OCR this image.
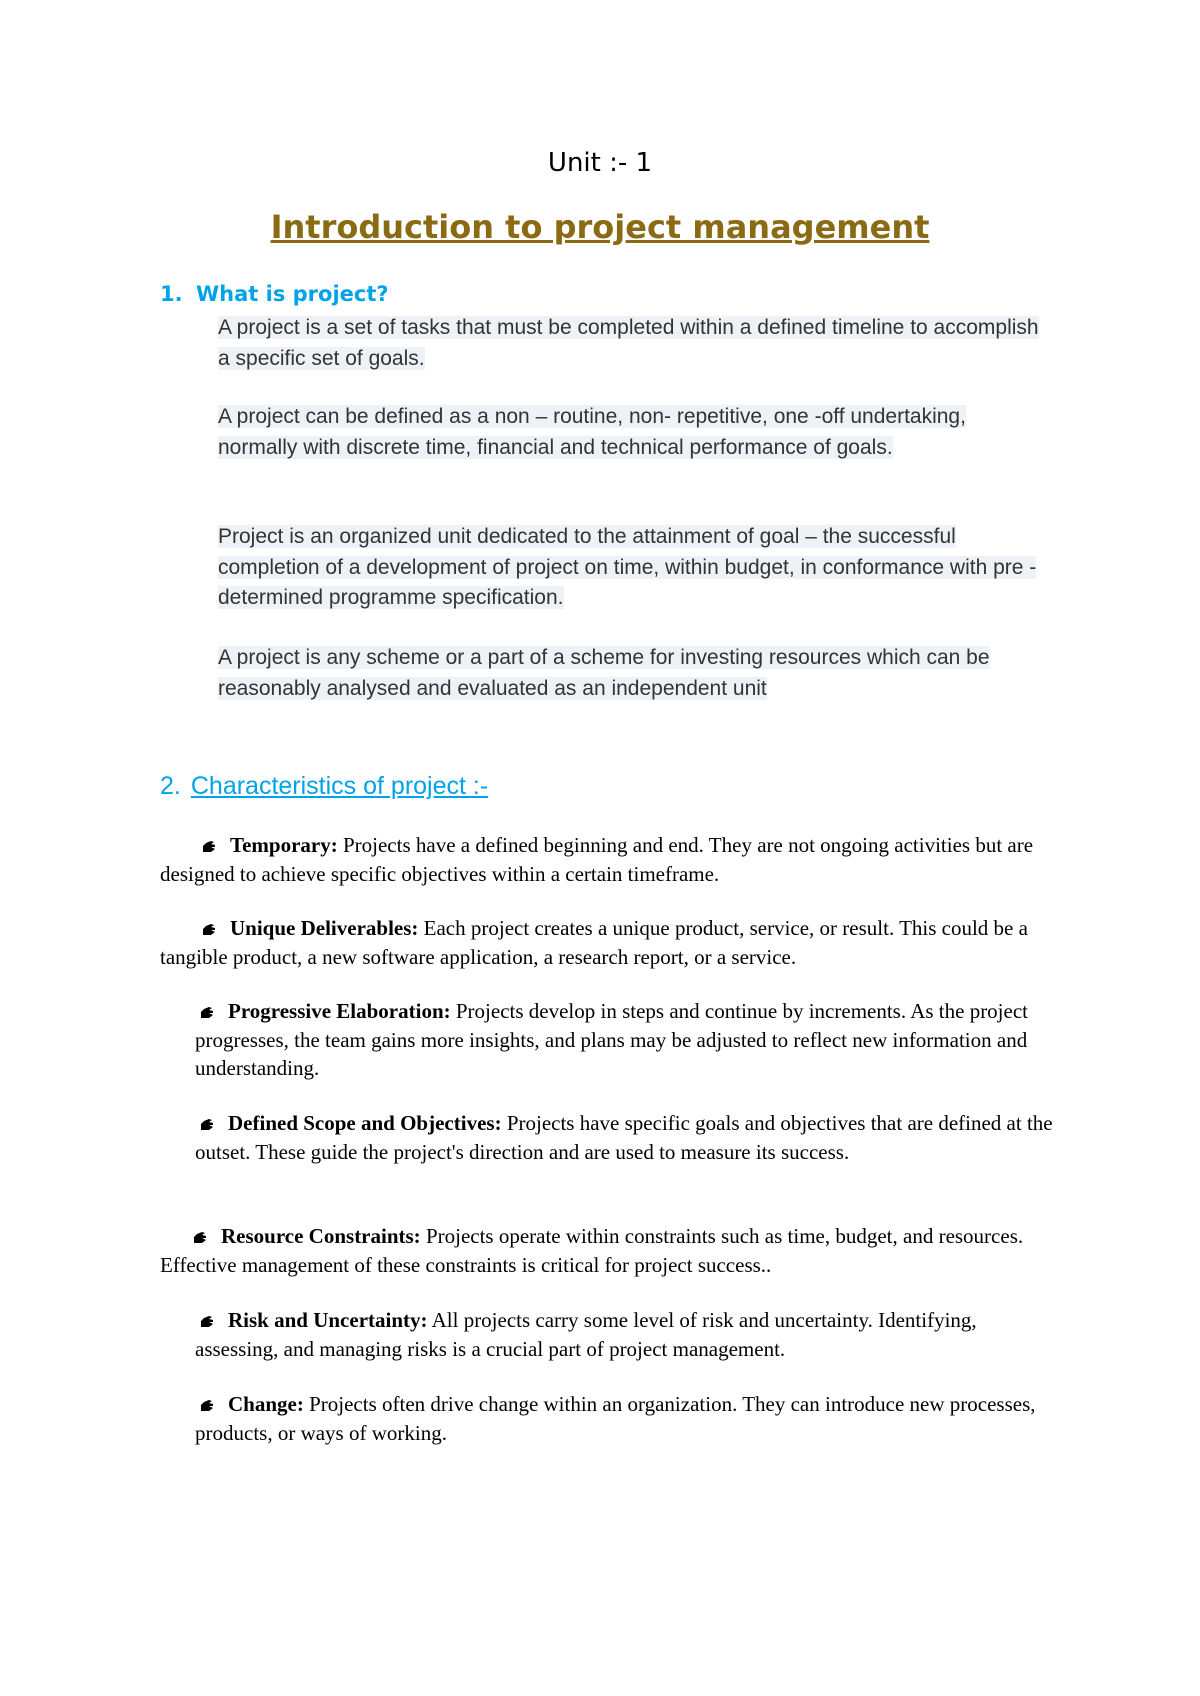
Unit :- 1
Introduction to project management
1. What is project?
A project is a set of tasks that must be completed within a defined timeline to accomplish a specific set of goals.
A project can be defined as a non – routine, non- repetitive, one -off undertaking, normally with discrete time, financial and technical performance of goals.
Project is an organized unit dedicated to the attainment of goal – the successful completion of a development of project on time, within budget, in conformance with pre -determined programme specification.
A project is any scheme or a part of a scheme for investing resources which can be reasonably analysed and evaluated as an independent unit
2. Characteristics of project :-
Temporary: Projects have a defined beginning and end. They are not ongoing activities but are designed to achieve specific objectives within a certain timeframe.
Unique Deliverables: Each project creates a unique product, service, or result. This could be a tangible product, a new software application, a research report, or a service.
Progressive Elaboration: Projects develop in steps and continue by increments. As the project progresses, the team gains more insights, and plans may be adjusted to reflect new information and understanding.
Defined Scope and Objectives: Projects have specific goals and objectives that are defined at the outset. These guide the project's direction and are used to measure its success.
Resource Constraints: Projects operate within constraints such as time, budget, and resources. Effective management of these constraints is critical for project success..
Risk and Uncertainty: All projects carry some level of risk and uncertainty. Identifying, assessing, and managing risks is a crucial part of project management.
Change: Projects often drive change within an organization. They can introduce new processes, products, or ways of working.
